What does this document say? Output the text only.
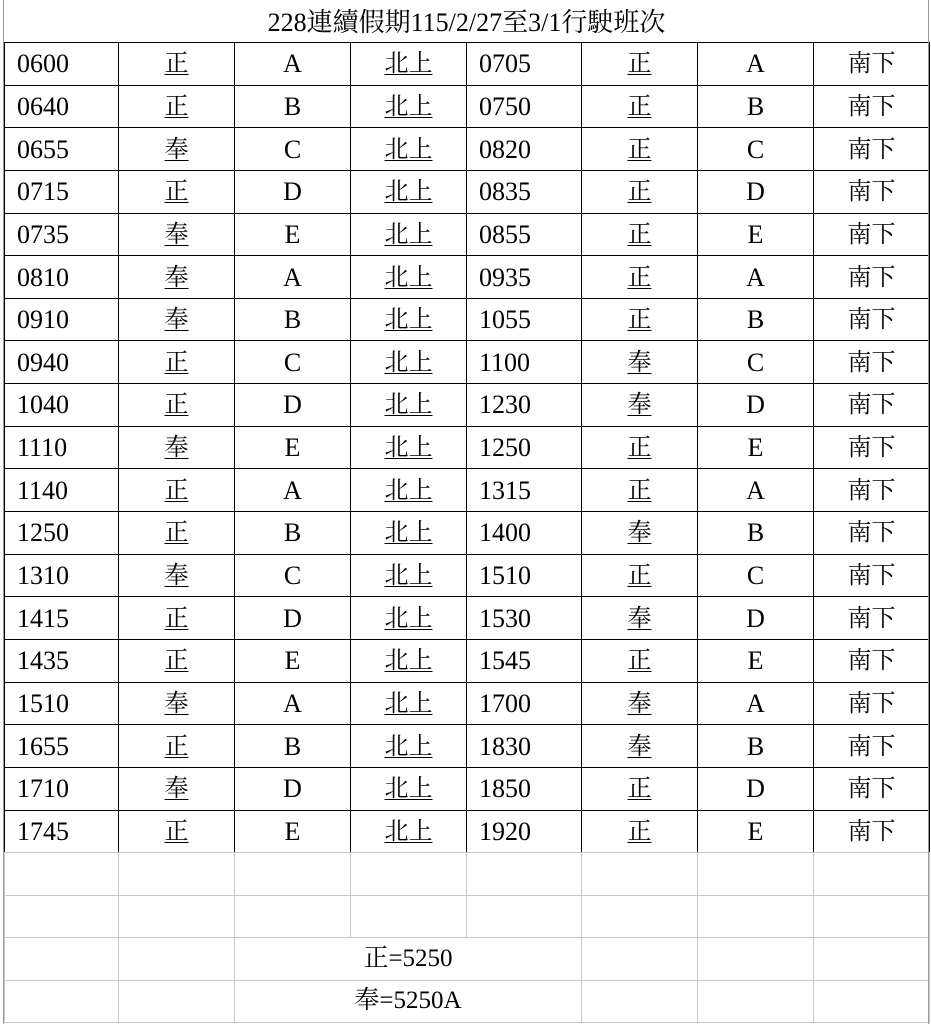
228連續假期115/2/27至3/1行駛班次
0600	正	A	北上	0705	正	A	南下
0640	正	B	北上	0750	正	B	南下
0655	奉	C	北上	0820	正	C	南下
0715	正	D	北上	0835	正	D	南下
0735	奉	E	北上	0855	正	E	南下
0810	奉	A	北上	0935	正	A	南下
0910	奉	B	北上	1055	正	B	南下
0940	正	C	北上	1100	奉	C	南下
1040	正	D	北上	1230	奉	D	南下
1110	奉	E	北上	1250	正	E	南下
1140	正	A	北上	1315	正	A	南下
1250	正	B	北上	1400	奉	B	南下
1310	奉	C	北上	1510	正	C	南下
1415	正	D	北上	1530	奉	D	南下
1435	正	E	北上	1545	正	E	南下
1510	奉	A	北上	1700	奉	A	南下
1655	正	B	北上	1830	奉	B	南下
1710	奉	D	北上	1850	正	D	南下
1745	正	E	北上	1920	正	E	南下

		正=5250					
		奉=5250A					
